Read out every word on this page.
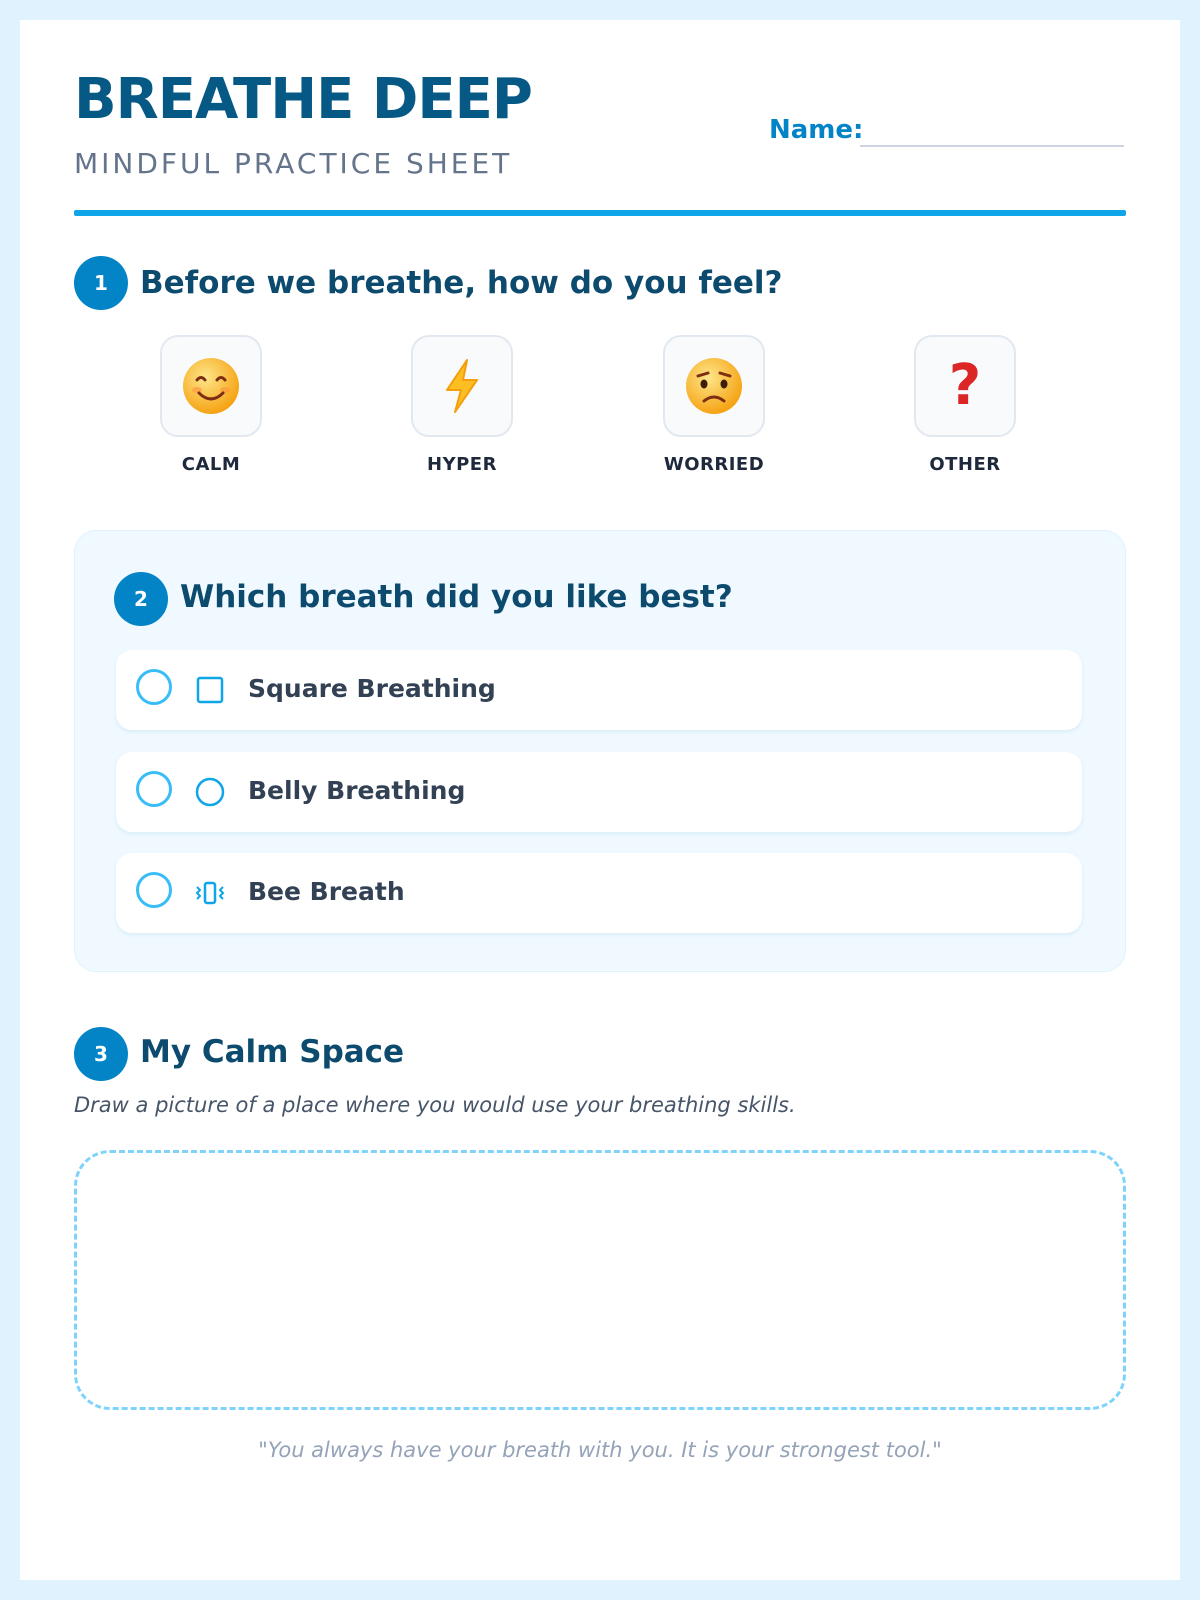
BREATHE DEEP
MINDFUL PRACTICE SHEET
Name:
1	Before we breathe, how do you feel?
?
CALM	HYPER	WORRIED	OTHER
2	Which breath did you like best?
Square Breathing
Belly Breathing
Bee Breath
3	My Calm Space
Draw a picture of a place where you would use your breathing skills.
"You always have your breath with you. It is your strongest tool."
